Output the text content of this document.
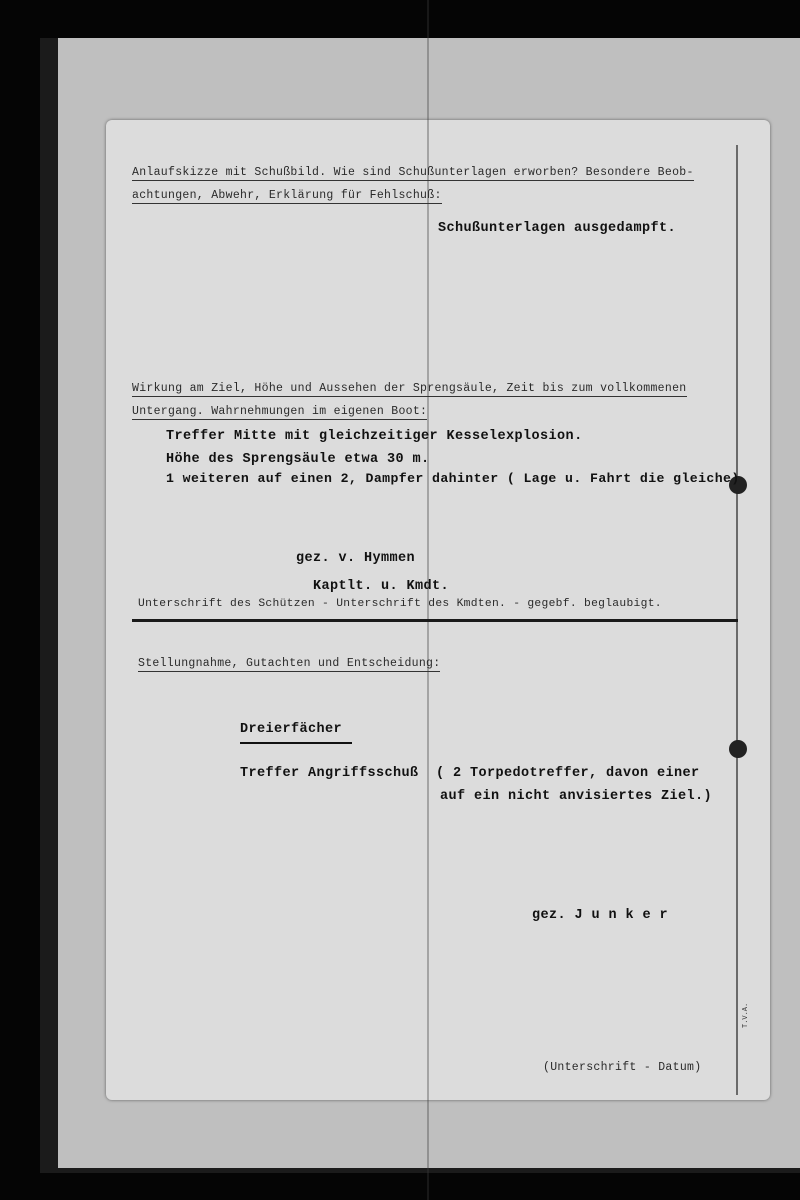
Anlaufskizze mit Schußbild. Wie sind Schußunterlagen erworben? Besondere Beob-
achtungen, Abwehr, Erklärung für Fehlschuß:
Schußunterlagen ausgedampft.
Wirkung am Ziel, Höhe und Aussehen der Sprengsäule, Zeit bis zum vollkommenen
Untergang. Wahrnehmungen im eigenen Boot:
Treffer Mitte mit gleichzeitiger Kesselexplosion.
Höhe des Sprengsäule etwa 30 m.
1 weiteren auf einen 2, Dampfer dahinter ( Lage u. Fahrt die gleiche)
gez. v. Hymmen
Kaptlt. u. Kmdt.
Unterschrift des Schützen - Unterschrift des Kmdten. - gegebf. beglaubigt.
Stellungnahme, Gutachten und Entscheidung:
Dreierfächer
Treffer Angriffsschuß ( 2 Torpedotreffer, davon einer
auf ein nicht anvisiertes Ziel.)
gez. J u n k e r
(Unterschrift - Datum)
T.V.A.
